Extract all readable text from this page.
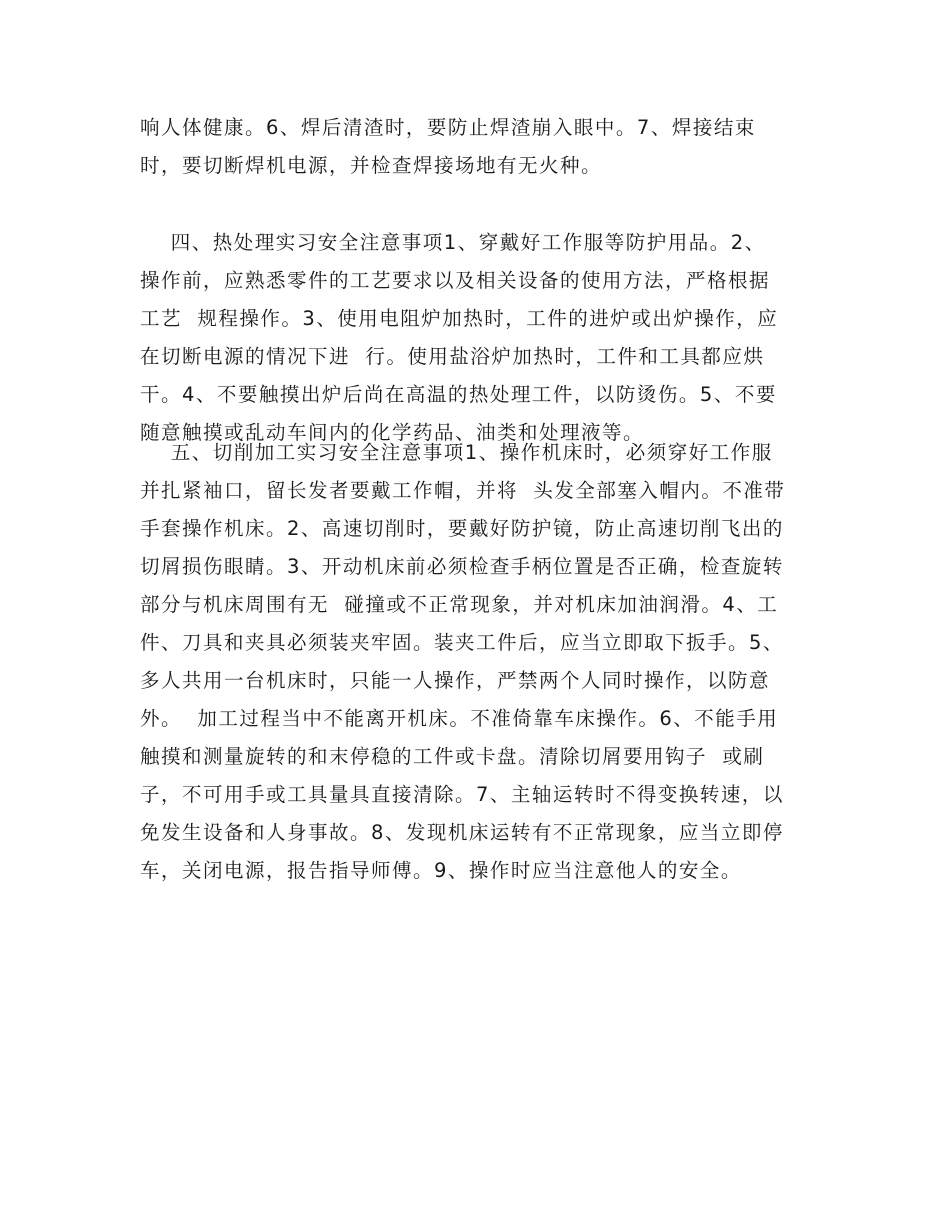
响人体健康。6、焊后清渣时，要防止焊渣崩入眼中。7、焊接结束
时，要切断焊机电源，并检查焊接场地有无火种。

四、热处理实习安全注意事项1、穿戴好工作服等防护用品。2、
操作前，应熟悉零件的工艺要求以及相关设备的使用方法，严格根据
工艺  规程操作。3、使用电阻炉加热时，工件的进炉或出炉操作，应
在切断电源的情况下进  行。使用盐浴炉加热时，工件和工具都应烘
干。4、不要触摸出炉后尚在高温的热处理工件，以防烫伤。5、不要
随意触摸或乱动车间内的化学药品、油类和处理液等。

五、切削加工实习安全注意事项1、操作机床时，必须穿好工作服
并扎紧袖口，留长发者要戴工作帽，并将  头发全部塞入帽内。不准带
手套操作机床。2、高速切削时，要戴好防护镜，防止高速切削飞出的
切屑损伤眼睛。3、开动机床前必须检查手柄位置是否正确，检查旋转
部分与机床周围有无  碰撞或不正常现象，并对机床加油润滑。4、工
件、刀具和夹具必须装夹牢固。装夹工件后，应当立即取下扳手。5、
多人共用一台机床时，只能一人操作，严禁两个人同时操作，以防意
外。  加工过程当中不能离开机床。不准倚靠车床操作。6、不能手用
触摸和测量旋转的和末停稳的工件或卡盘。清除切屑要用钩子  或刷
子，不可用手或工具量具直接清除。7、主轴运转时不得变换转速，以
免发生设备和人身事故。8、发现机床运转有不正常现象，应当立即停
车，关闭电源，报告指导师傅。9、操作时应当注意他人的安全。
